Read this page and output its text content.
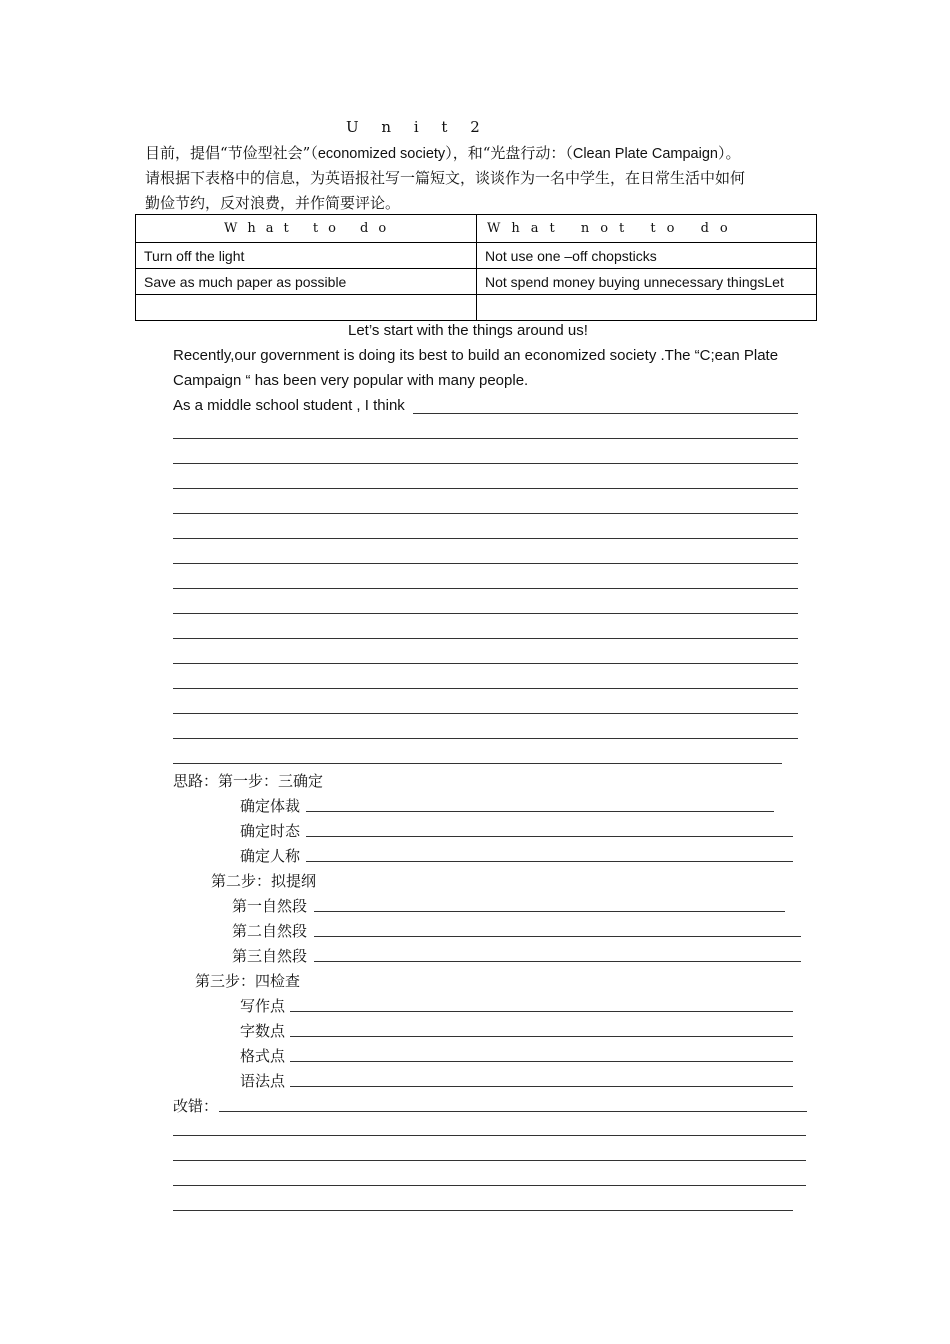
U n i t 2
目前，提倡“节俭型社会”（economized society），和“光盘行动：（Clean Plate Campaign）。
请根据下表格中的信息，为英语报社写一篇短文，谈谈作为一名中学生，在日常生活中如何
勤俭节约，反对浪费，并作简要评论。
What to do	What not to do
Turn off the light	Not use one –off chopsticks
Save as much paper as possible	Not spend money buying unnecessary thingsLet

Let’s start with the things around us!
Recently,our government is doing its best to build an economized society .The “C;ean Plate
Campaign “ has been very popular with many people.
As a middle school student , I think
思路：第一步：三确定
确定体裁
确定时态
确定人称
第二步：拟提纲
第一自然段
第二自然段
第三自然段
第三步：四检查
写作点
字数点
格式点
语法点
改错：
